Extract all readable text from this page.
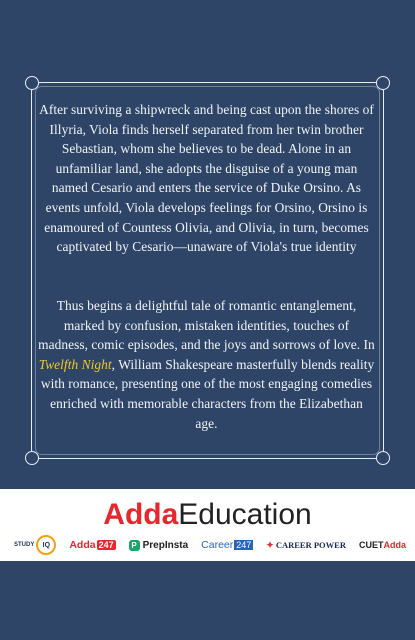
After surviving a shipwreck and being cast upon the shores of Illyria, Viola finds herself separated from her twin brother Sebastian, whom she believes to be dead. Alone in an unfamiliar land, she adopts the disguise of a young man named Cesario and enters the service of Duke Orsino. As events unfold, Viola develops feelings for Orsino, Orsino is enamoured of Countess Olivia, and Olivia, in turn, becomes captivated by Cesario—unaware of Viola's true identity
Thus begins a delightful tale of romantic entanglement, marked by confusion, mistaken identities, touches of madness, comic episodes, and the joys and sorrows of love. In Twelfth Night, William Shakespeare masterfully blends reality with romance, presenting one of the most engaging comedies enriched with memorable characters from the Elizabethan age.
AddaEducation
STUDY IQ Adda 247	P PrepInsta Career 247 ✦ CAREER POWER CUET Adda
